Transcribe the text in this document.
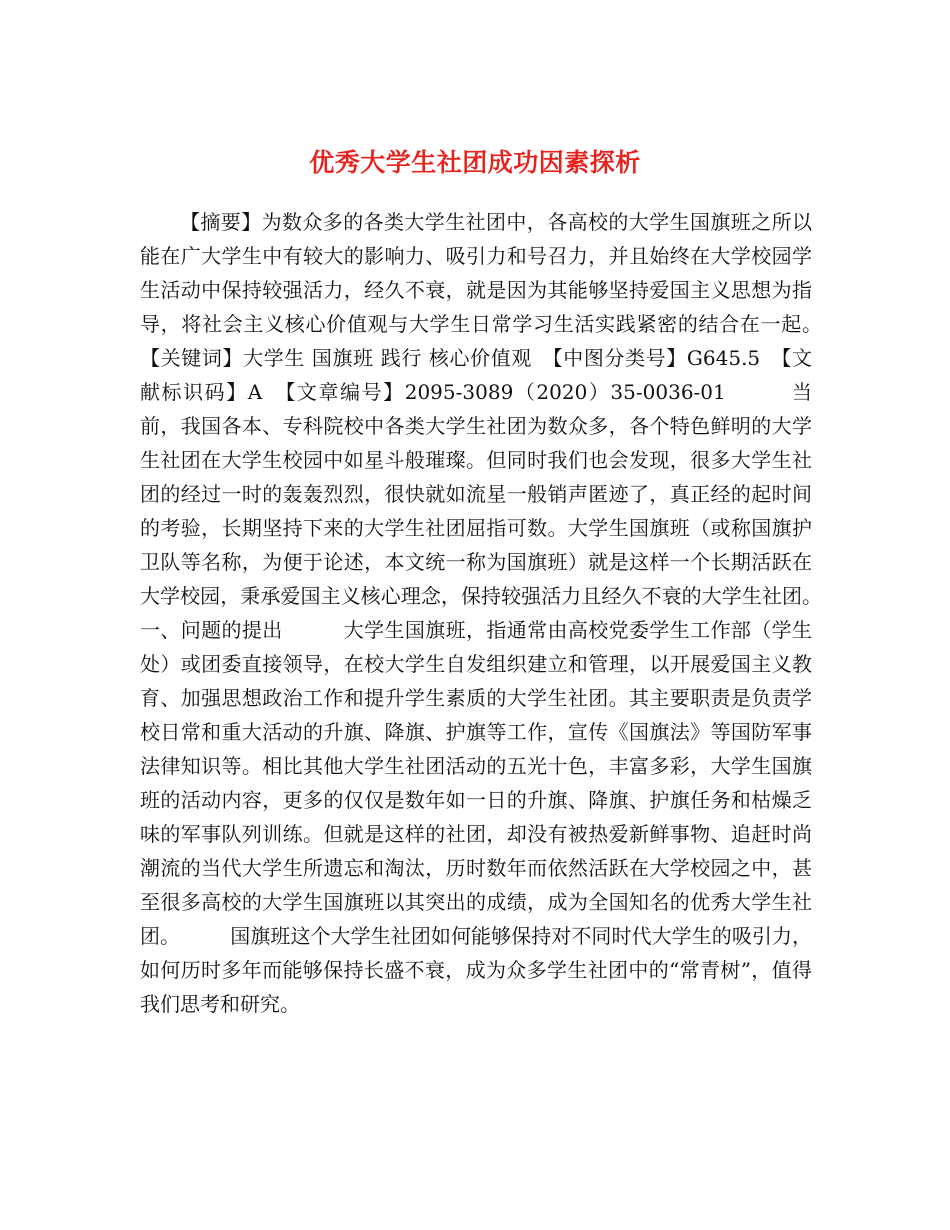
优秀大学生社团成功因素探析

【摘要】为数众多的各类大学生社团中，各高校的大学生国旗班之所以能在广大学生中有较大的影响力、吸引力和号召力，并且始终在大学校园学生活动中保持较强活力，经久不衰，就是因为其能够坚持爱国主义思想为指导，将社会主义核心价值观与大学生日常学习生活实践紧密的结合在一起。　　　【关键词】大学生 国旗班 践行 核心价值观　【中图分类号】G645.5　【文献标识码】A　【文章编号】2095-3089（2020）35-0036-01　　　当前，我国各本、专科院校中各类大学生社团为数众多，各个特色鲜明的大学生社团在大学生校园中如星斗般璀璨。但同时我们也会发现，很多大学生社团的经过一时的轰轰烈烈，很快就如流星一般销声匿迹了，真正经的起时间的考验，长期坚持下来的大学生社团屈指可数。大学生国旗班（或称国旗护卫队等名称，为便于论述，本文统一称为国旗班）就是这样一个长期活跃在大学校园，秉承爱国主义核心理念，保持较强活力且经久不衰的大学生社团。　　　一、问题的提出　　　大学生国旗班，指通常由高校党委学生工作部（学生处）或团委直接领导，在校大学生自发组织建立和管理，以开展爱国主义教育、加强思想政治工作和提升学生素质的大学生社团。其主要职责是负责学校日常和重大活动的升旗、降旗、护旗等工作，宣传《国旗法》等国防军事法律知识等。相比其他大学生社团活动的五光十色，丰富多彩，大学生国旗班的活动内容，更多的仅仅是数年如一日的升旗、降旗、护旗任务和枯燥乏味的军事队列训练。但就是这样的社团，却没有被热爱新鲜事物、追赶时尚潮流的当代大学生所遗忘和淘汰，历时数年而依然活跃在大学校园之中，甚至很多高校的大学生国旗班以其突出的成绩，成为全国知名的优秀大学生社团。　　　国旗班这个大学生社团如何能够保持对不同时代大学生的吸引力，如何历时多年而能够保持长盛不衰，成为众多学生社团中的“常青树”，值得我们思考和研究。
